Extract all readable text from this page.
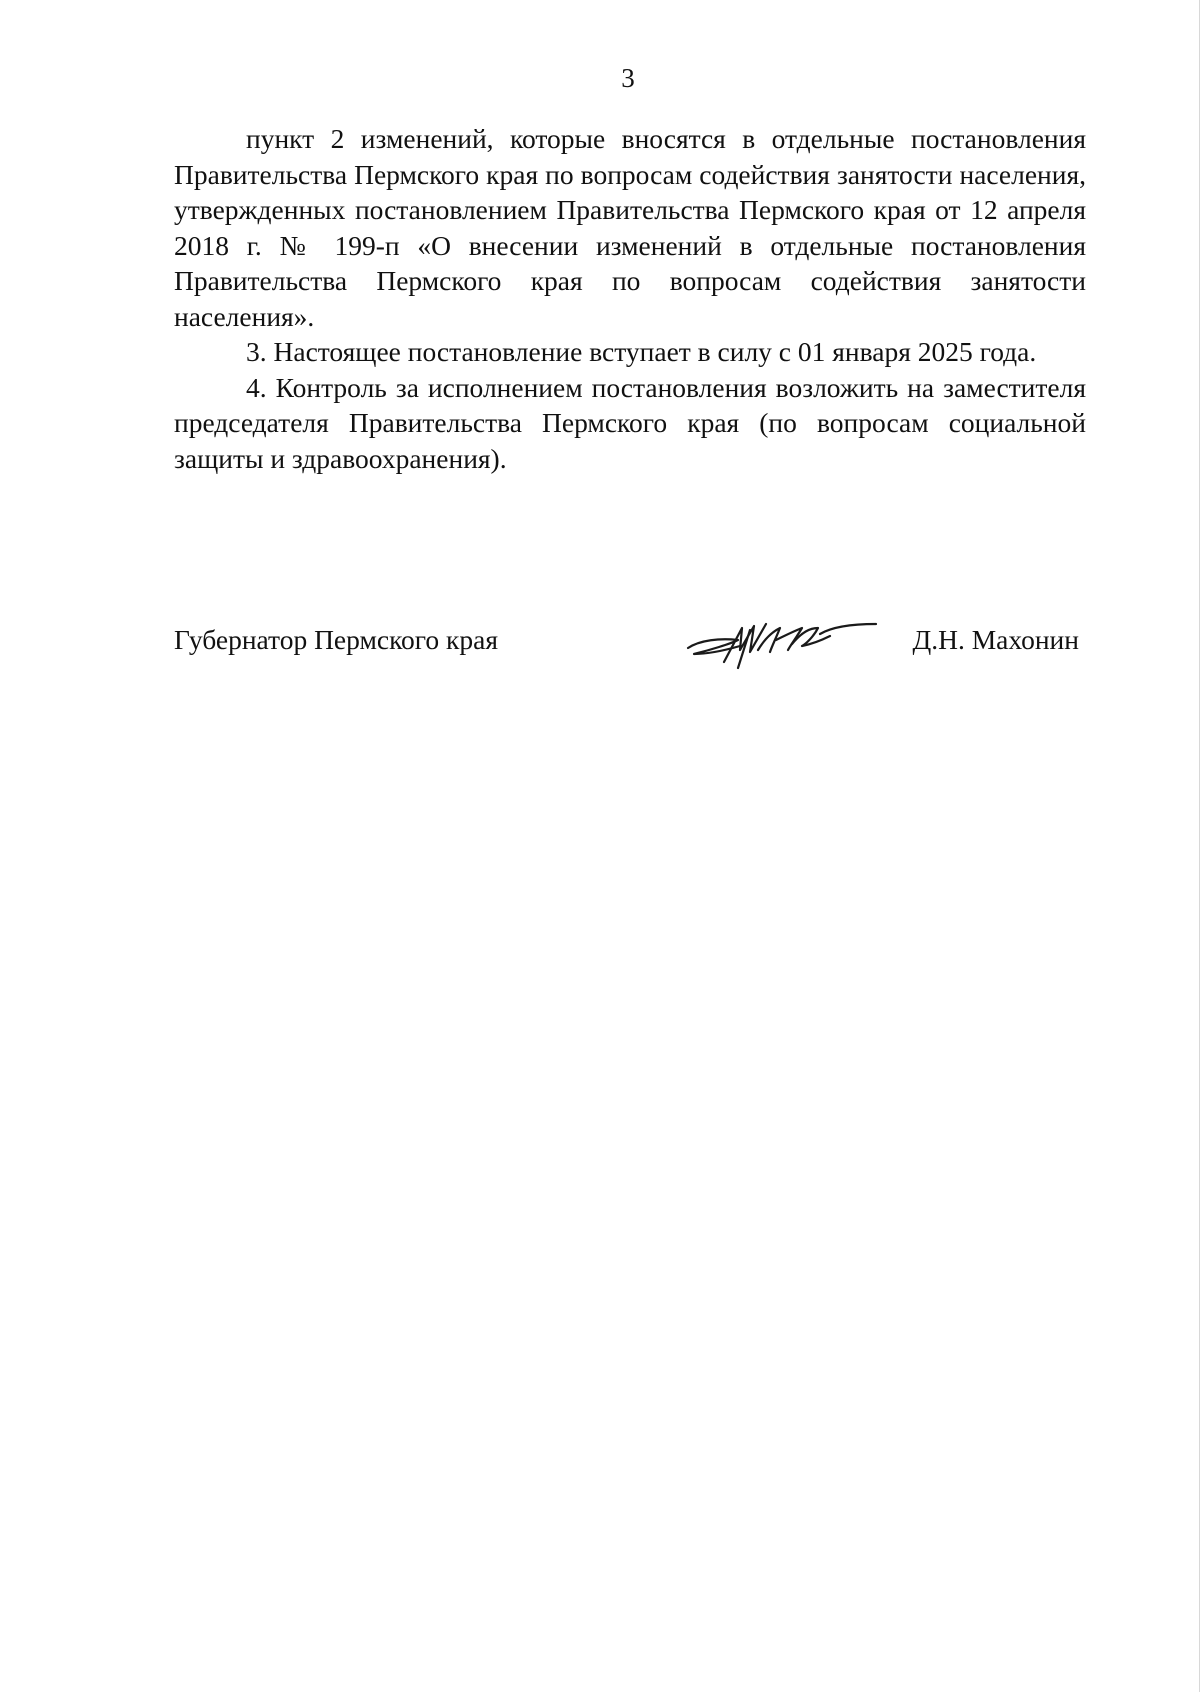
3

пункт 2 изменений, которые вносятся в отдельные постановления Правительства Пермского края по вопросам содействия занятости населения, утвержденных постановлением Правительства Пермского края от 12 апреля 2018 г. № 199-п «О внесении изменений в отдельные постановления Правительства Пермского края по вопросам содействия занятости населения».

3. Настоящее постановление вступает в силу с 01 января 2025 года.

4. Контроль за исполнением постановления возложить на заместителя председателя Правительства Пермского края (по вопросам социальной защиты и здравоохранения).

Губернатор Пермского края	Д.Н. Махонин
